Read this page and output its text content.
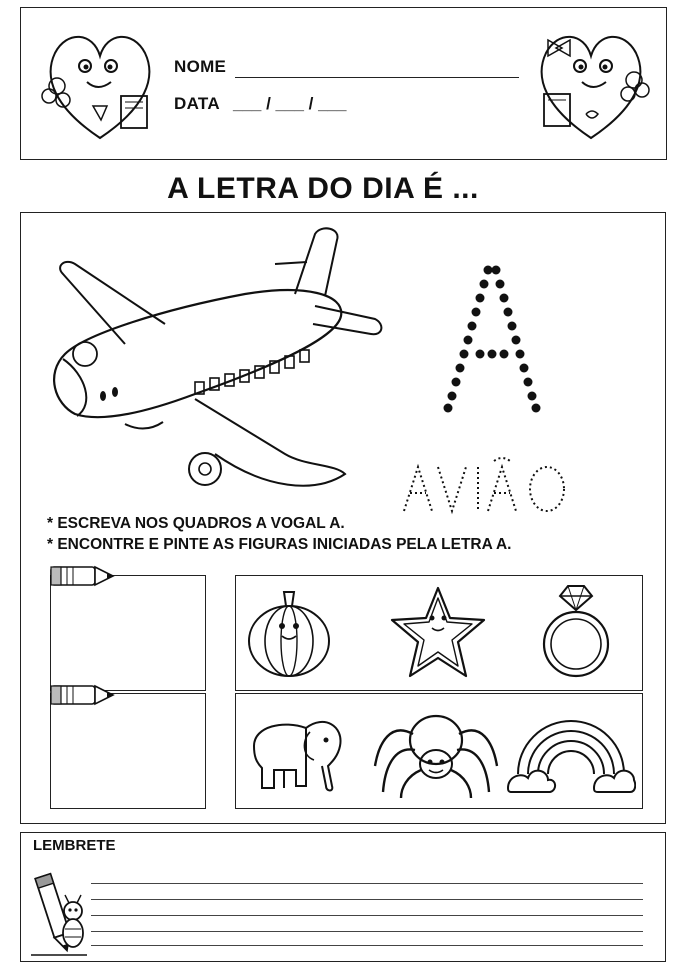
NOME
DATA ___ / ___ / ___
A LETRA DO DIA É ...
* ESCREVA NOS QUADROS A VOGAL A.
* ENCONTRE E PINTE AS FIGURAS INICIADAS PELA LETRA A.
LEMBRETE
